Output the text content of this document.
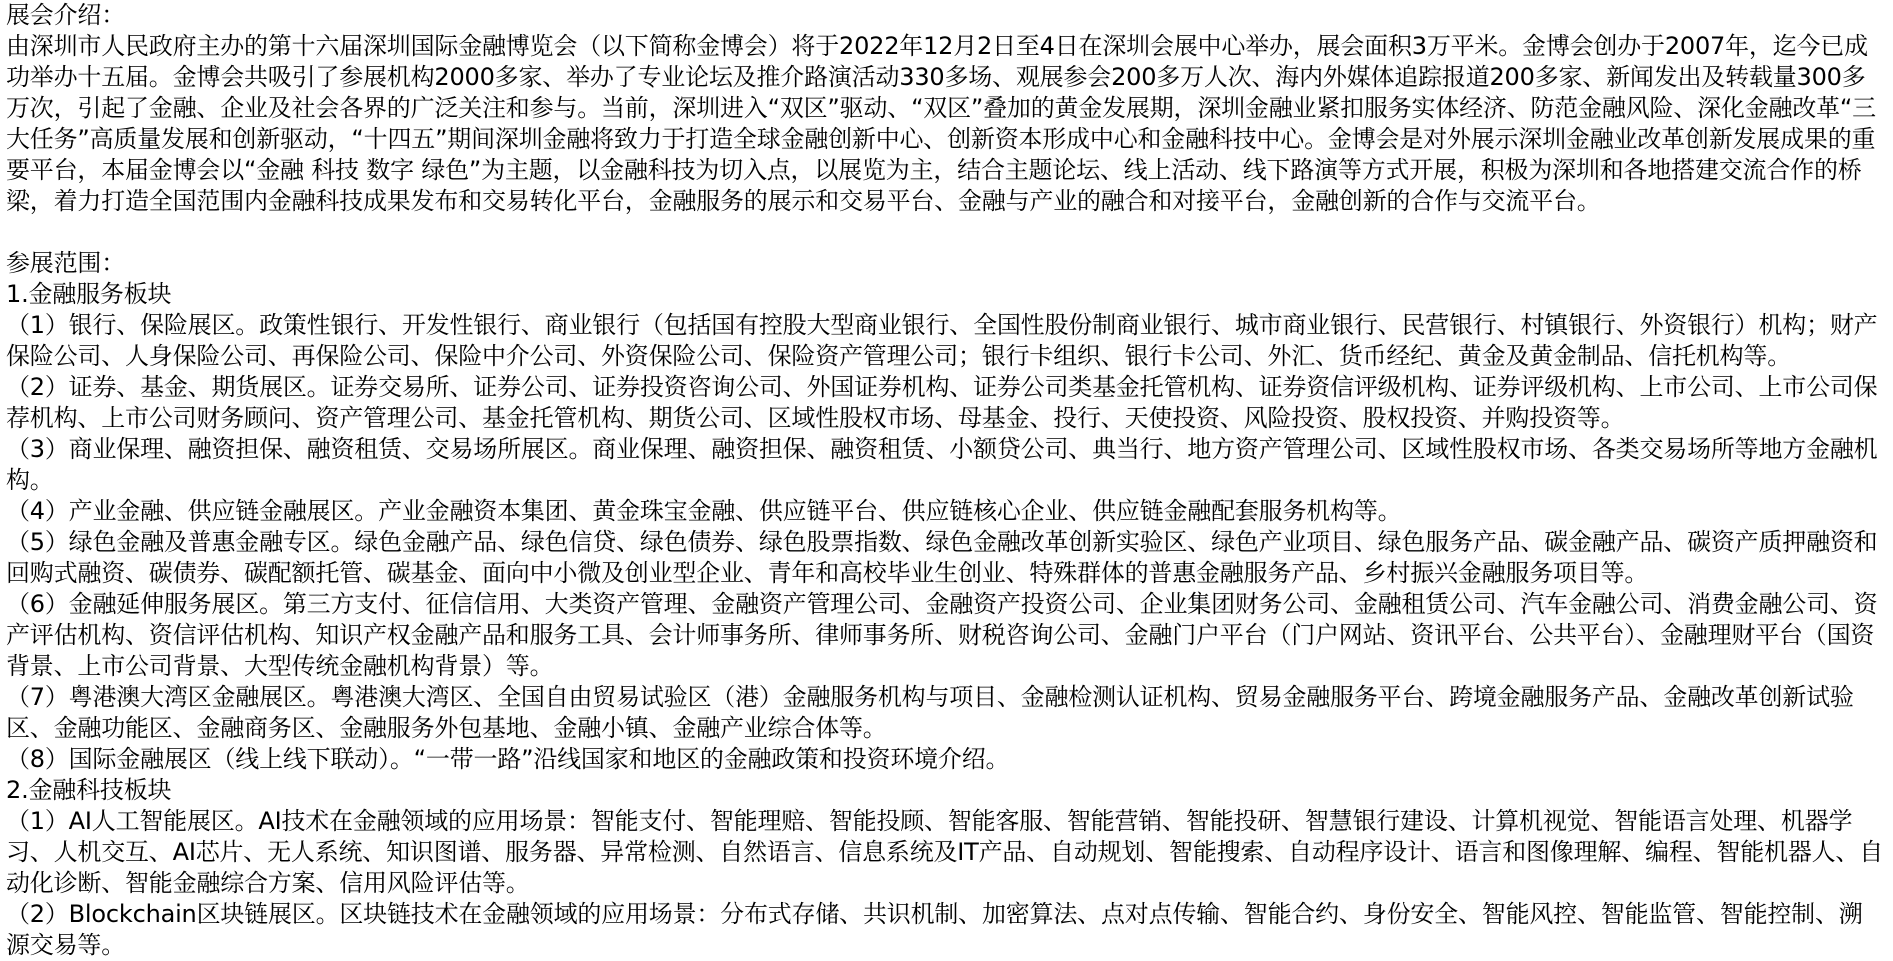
展会介绍：

由深圳市人民政府主办的第十六届深圳国际金融博览会（以下简称金博会）将于2022年12月2日至4日在深圳会展中心举办，展会面积3万平米。金博会创办于2007年，迄今已成功举办十五届。金博会共吸引了参展机构2000多家、举办了专业论坛及推介路演活动330多场、观展参会200多万人次、海内外媒体追踪报道200多家、新闻发出及转载量300多万次，引起了金融、企业及社会各界的广泛关注和参与。当前，深圳进入“双区”驱动、“双区”叠加的黄金发展期，深圳金融业紧扣服务实体经济、防范金融风险、深化金融改革“三大任务”高质量发展和创新驱动，“十四五”期间深圳金融将致力于打造全球金融创新中心、创新资本形成中心和金融科技中心。金博会是对外展示深圳金融业改革创新发展成果的重要平台，本届金博会以“金融 科技 数字 绿色”为主题，以金融科技为切入点，以展览为主，结合主题论坛、线上活动、线下路演等方式开展，积极为深圳和各地搭建交流合作的桥梁，着力打造全国范围内金融科技成果发布和交易转化平台，金融服务的展示和交易平台、金融与产业的融合和对接平台，金融创新的合作与交流平台。

参展范围：

1.金融服务板块

（1）银行、保险展区。政策性银行、开发性银行、商业银行（包括国有控股大型商业银行、全国性股份制商业银行、城市商业银行、民营银行、村镇银行、外资银行）机构；财产保险公司、人身保险公司、再保险公司、保险中介公司、外资保险公司、保险资产管理公司；银行卡组织、银行卡公司、外汇、货币经纪、黄金及黄金制品、信托机构等。

（2）证券、基金、期货展区。证券交易所、证券公司、证券投资咨询公司、外国证券机构、证券公司类基金托管机构、证券资信评级机构、证券评级机构、上市公司、上市公司保荐机构、上市公司财务顾问、资产管理公司、基金托管机构、期货公司、区域性股权市场、母基金、投行、天使投资、风险投资、股权投资、并购投资等。

（3）商业保理、融资担保、融资租赁、交易场所展区。商业保理、融资担保、融资租赁、小额贷公司、典当行、地方资产管理公司、区域性股权市场、各类交易场所等地方金融机构。

（4）产业金融、供应链金融展区。产业金融资本集团、黄金珠宝金融、供应链平台、供应链核心企业、供应链金融配套服务机构等。

（5）绿色金融及普惠金融专区。绿色金融产品、绿色信贷、绿色债券、绿色股票指数、绿色金融改革创新实验区、绿色产业项目、绿色服务产品、碳金融产品、碳资产质押融资和回购式融资、碳债券、碳配额托管、碳基金、面向中小微及创业型企业、青年和高校毕业生创业、特殊群体的普惠金融服务产品、乡村振兴金融服务项目等。

（6）金融延伸服务展区。第三方支付、征信信用、大类资产管理、金融资产管理公司、金融资产投资公司、企业集团财务公司、金融租赁公司、汽车金融公司、消费金融公司、资产评估机构、资信评估机构、知识产权金融产品和服务工具、会计师事务所、律师事务所、财税咨询公司、金融门户平台（门户网站、资讯平台、公共平台）、金融理财平台（国资背景、上市公司背景、大型传统金融机构背景）等。

（7）粤港澳大湾区金融展区。粤港澳大湾区、全国自由贸易试验区（港）金融服务机构与项目、金融检测认证机构、贸易金融服务平台、跨境金融服务产品、金融改革创新试验区、金融功能区、金融商务区、金融服务外包基地、金融小镇、金融产业综合体等。

（8）国际金融展区（线上线下联动）。“一带一路”沿线国家和地区的金融政策和投资环境介绍。

2.金融科技板块

（1）AI人工智能展区。AI技术在金融领域的应用场景：智能支付、智能理赔、智能投顾、智能客服、智能营销、智能投研、智慧银行建设、计算机视觉、智能语言处理、机器学习、人机交互、AI芯片、无人系统、知识图谱、服务器、异常检测、自然语言、信息系统及IT产品、自动规划、智能搜索、自动程序设计、语言和图像理解、编程、智能机器人、自动化诊断、智能金融综合方案、信用风险评估等。

（2）Blockchain区块链展区。区块链技术在金融领域的应用场景：分布式存储、共识机制、加密算法、点对点传输、智能合约、身份安全、智能风控、智能监管、智能控制、溯源交易等。
